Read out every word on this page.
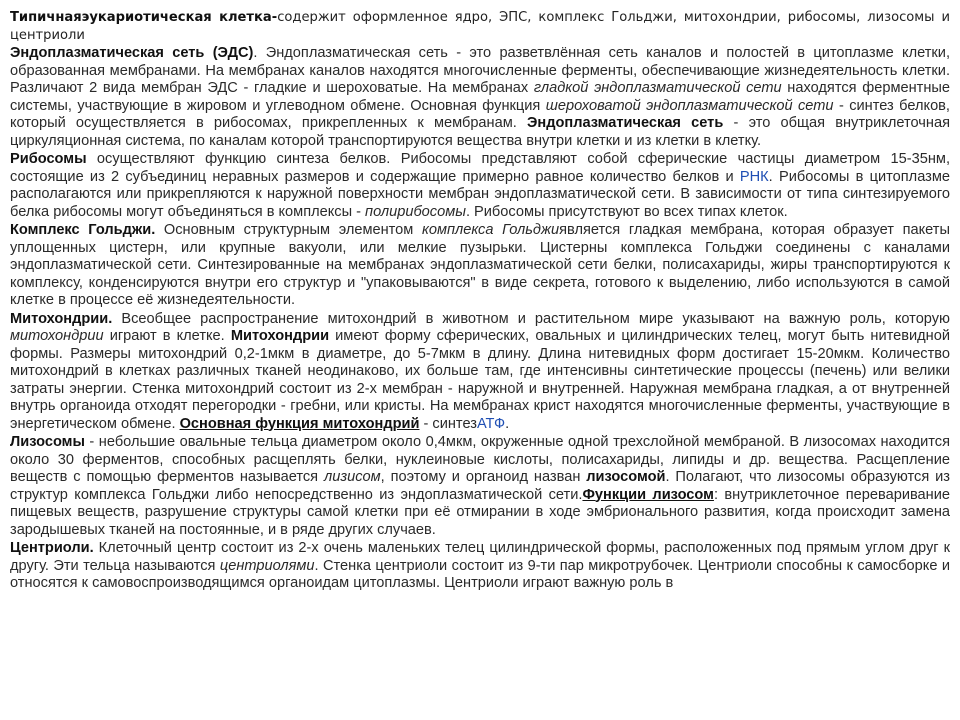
Типичнаяэукариотическая клетка-содержит оформленное ядро, ЭПС, комплекс Гольджи, митохондрии, рибосомы, лизосомы и центриоли

Эндоплазматическая сеть (ЭДС). Эндоплазматическая сеть - это разветвлённая сеть каналов и полостей в цитоплазме клетки, образованная мембранами. На мембранах каналов находятся многочисленные ферменты, обеспечивающие жизнедеятельность клетки. Различают 2 вида мембран ЭДС - гладкие и шероховатые. На мембранах гладкой эндоплазматической сети находятся ферментные системы, участвующие в жировом и углеводном обмене. Основная функция шероховатой эндоплазматической сети - синтез белков, который осуществляется в рибосомах, прикрепленных к мембранам. Эндоплазматическая сеть - это общая внутриклеточная циркуляционная система, по каналам которой транспортируются вещества внутри клетки и из клетки в клетку.

Рибосомы осуществляют функцию синтеза белков. Рибосомы представляют собой сферические частицы диаметром 15-35нм, состоящие из 2 субъединиц неравных размеров и содержащие примерно равное количество белков и РНК. Рибосомы в цитоплазме располагаются или прикрепляются к наружной поверхности мембран эндоплазматической сети. В зависимости от типа синтезируемого белка рибосомы могут объединяться в комплексы - полирибосомы. Рибосомы присутствуют во всех типах клеток.

Комплекс Гольджи. Основным структурным элементом комплекса Гольджиявляется гладкая мембрана, которая образует пакеты уплощенных цистерн, или крупные вакуоли, или мелкие пузырьки. Цистерны комплекса Гольджи соединены с каналами эндоплазматической сети. Синтезированные на мембранах эндоплазматической сети белки, полисахариды, жиры транспортируются к комплексу, конденсируются внутри его структур и "упаковываются" в виде секрета, готового к выделению, либо используются в самой клетке в процессе её жизнедеятельности.

Митохондрии. Всеобщее распространение митохондрий в животном и растительном мире указывают на важную роль, которую митохондрии играют в клетке. Митохондрии имеют форму сферических, овальных и цилиндрических телец, могут быть нитевидной формы. Размеры митохондрий 0,2-1мкм в диаметре, до 5-7мкм в длину. Длина нитевидных форм достигает 15-20мкм. Количество митохондрий в клетках различных тканей неодинаково, их больше там, где интенсивны синтетические процессы (печень) или велики затраты энергии. Стенка митохондрий состоит из 2-х мембран - наружной и внутренней. Наружная мембрана гладкая, а от внутренней внутрь органоида отходят перегородки - гребни, или кристы. На мембранах крист находятся многочисленные ферменты, участвующие в энергетическом обмене. Основная функция митохондрий - синтезАТФ.

Лизосомы - небольшие овальные тельца диаметром около 0,4мкм, окруженные одной трехслойной мембраной. В лизосомах находится около 30 ферментов, способных расщеплять белки, нуклеиновые кислоты, полисахариды, липиды и др. вещества. Расщепление веществ с помощью ферментов называется лизисом, поэтому и органоид назван лизосомой. Полагают, что лизосомы образуются из структур комплекса Гольджи либо непосредственно из эндоплазматической сети.Функции лизосом: внутриклеточное переваривание пищевых веществ, разрушение структуры самой клетки при её отмирании в ходе эмбрионального развития, когда происходит замена зародышевых тканей на постоянные, и в ряде других случаев.

Центриоли. Клеточный центр состоит из 2-х очень маленьких телец цилиндрической формы, расположенных под прямым углом друг к другу. Эти тельца называются центриолями. Стенка центриоли состоит из 9-ти пар микротрубочек. Центриоли способны к самосборке и относятся к самовоспроизводящимся органоидам цитоплазмы. Центриоли играют важную роль в
